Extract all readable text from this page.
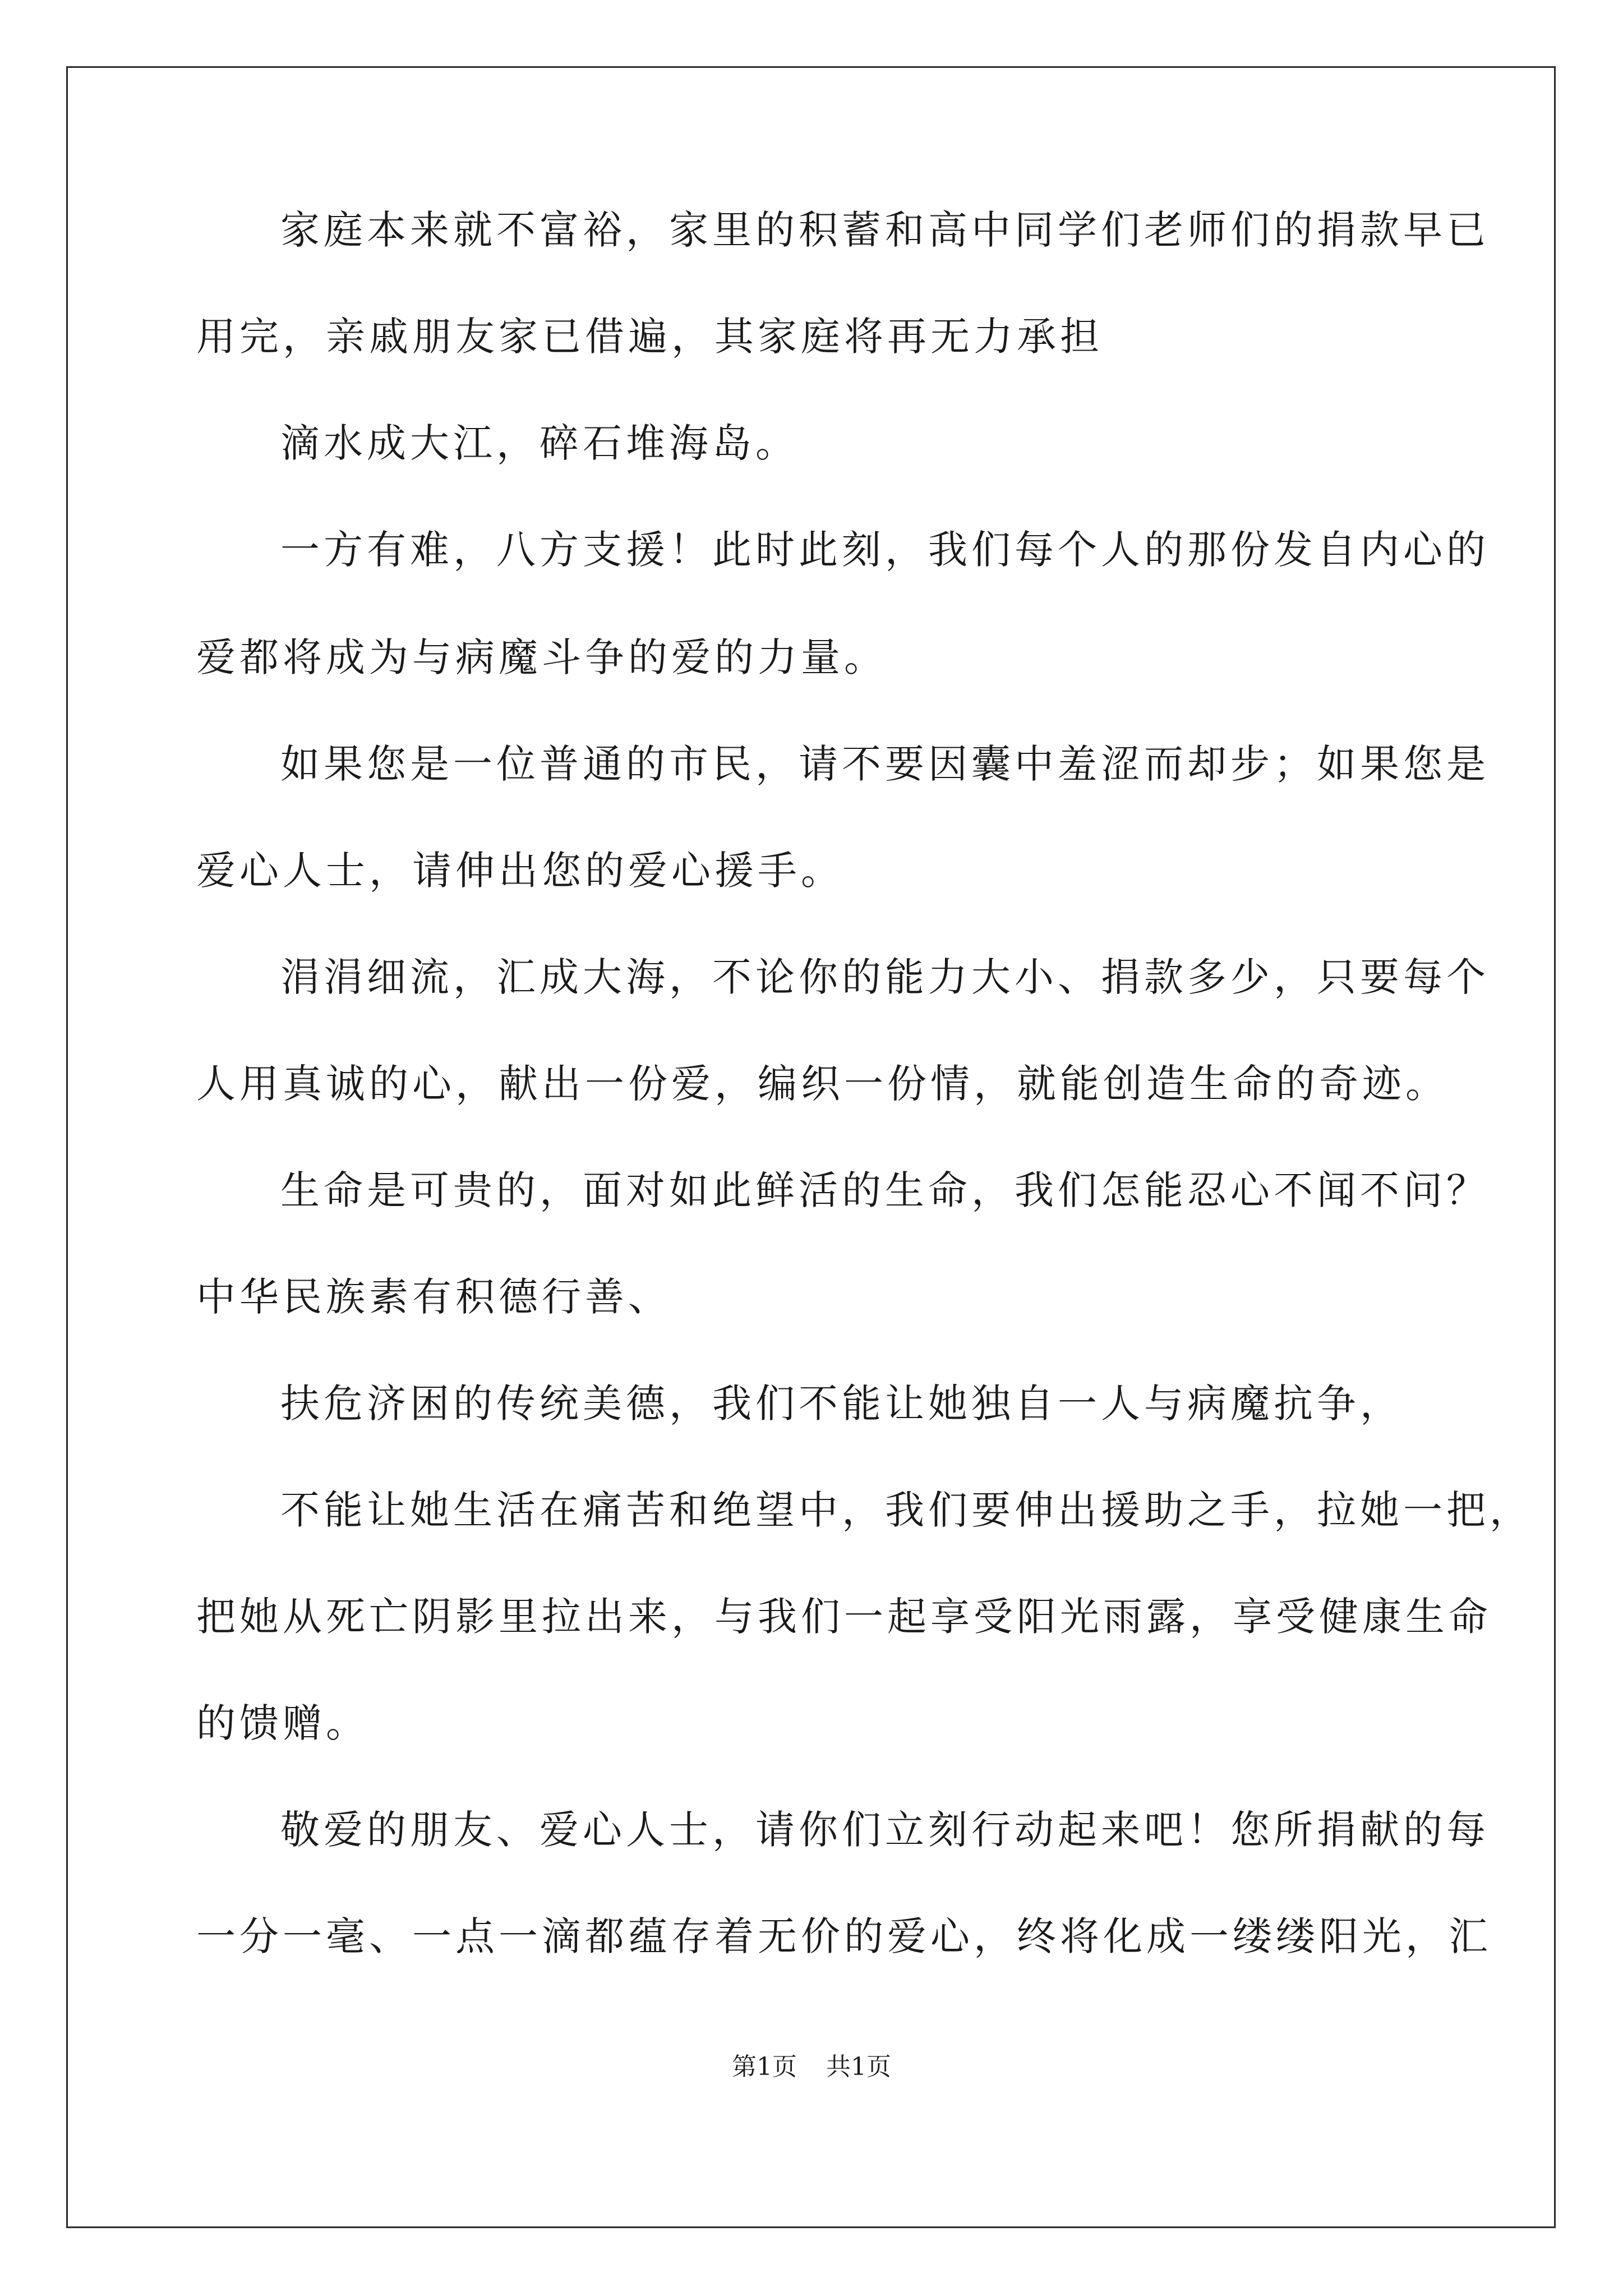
家庭本来就不富裕，家里的积蓄和高中同学们老师们的捐款早已
用完，亲戚朋友家已借遍，其家庭将再无力承担
滴水成大江，碎石堆海岛。
一方有难，八方支援！此时此刻，我们每个人的那份发自内心的
爱都将成为与病魔斗争的爱的力量。
如果您是一位普通的市民，请不要因囊中羞涩而却步；如果您是
爱心人士，请伸出您的爱心援手。
涓涓细流，汇成大海，不论你的能力大小、捐款多少，只要每个
人用真诚的心，献出一份爱，编织一份情，就能创造生命的奇迹。
生命是可贵的，面对如此鲜活的生命，我们怎能忍心不闻不问？
中华民族素有积德行善、
扶危济困的传统美德，我们不能让她独自一人与病魔抗争，
不能让她生活在痛苦和绝望中，我们要伸出援助之手，拉她一把，
把她从死亡阴影里拉出来，与我们一起享受阳光雨露，享受健康生命
的馈赠。
敬爱的朋友、爱心人士，请你们立刻行动起来吧！您所捐献的每
一分一毫、一点一滴都蕴存着无价的爱心，终将化成一缕缕阳光，汇
第1页 共1页
